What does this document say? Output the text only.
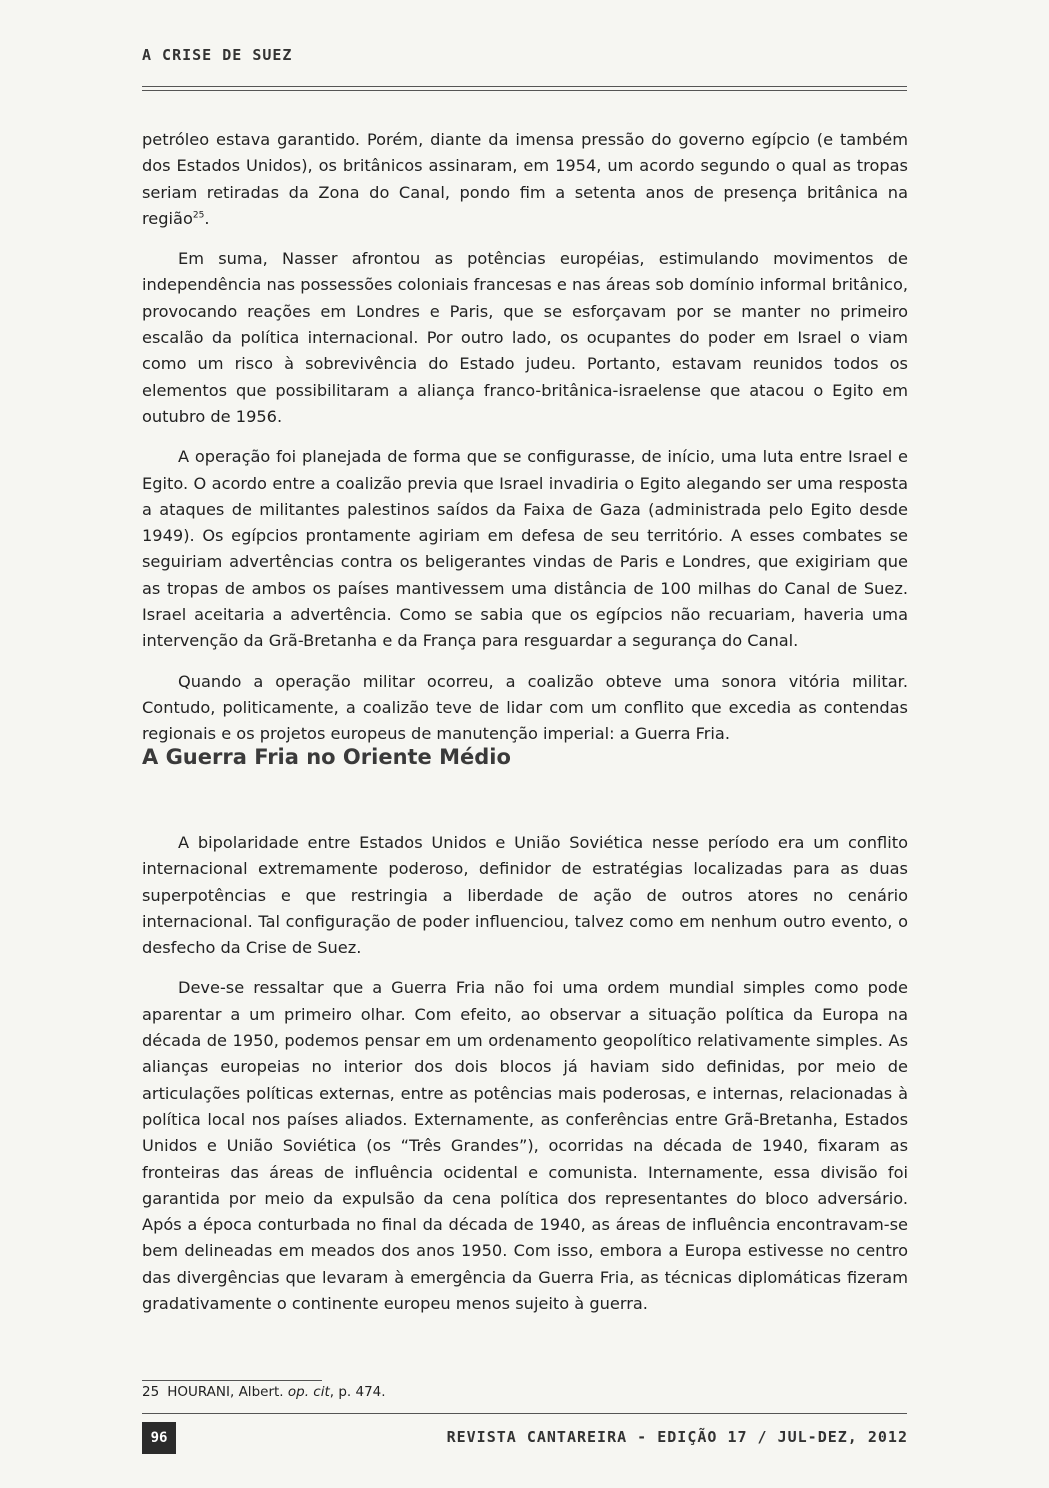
A CRISE DE SUEZ

petróleo estava garantido. Porém, diante da imensa pressão do governo egípcio (e também dos Estados Unidos), os britânicos assinaram, em 1954, um acordo segundo o qual as tropas seriam retiradas da Zona do Canal, pondo fim a setenta anos de presença britânica na região$^{25}$.

Em suma, Nasser afrontou as potências européias, estimulando movimentos de independência nas possessões coloniais francesas e nas áreas sob domínio informal britânico, provocando reações em Londres e Paris, que se esforçavam por se manter no primeiro escalão da política internacional. Por outro lado, os ocupantes do poder em Israel o viam como um risco à sobrevivência do Estado judeu. Portanto, estavam reunidos todos os elementos que possibilitaram a aliança franco-britânica-israelense que atacou o Egito em outubro de 1956.

A operação foi planejada de forma que se configurasse, de início, uma luta entre Israel e Egito. O acordo entre a coalizão previa que Israel invadiria o Egito alegando ser uma resposta a ataques de militantes palestinos saídos da Faixa de Gaza (administrada pelo Egito desde 1949). Os egípcios prontamente agiriam em defesa de seu território. A esses combates se seguiriam advertências contra os beligerantes vindas de Paris e Londres, que exigiriam que as tropas de ambos os países mantivessem uma distância de 100 milhas do Canal de Suez. Israel aceitaria a advertência. Como se sabia que os egípcios não recuariam, haveria uma intervenção da Grã-Bretanha e da França para resguardar a segurança do Canal.

Quando a operação militar ocorreu, a coalizão obteve uma sonora vitória militar. Contudo, politicamente, a coalizão teve de lidar com um conflito que excedia as contendas regionais e os projetos europeus de manutenção imperial: a Guerra Fria.

A Guerra Fria no Oriente Médio

A bipolaridade entre Estados Unidos e União Soviética nesse período era um conflito internacional extremamente poderoso, definidor de estratégias localizadas para as duas superpotências e que restringia a liberdade de ação de outros atores no cenário internacional. Tal configuração de poder influenciou, talvez como em nenhum outro evento, o desfecho da Crise de Suez.

Deve-se ressaltar que a Guerra Fria não foi uma ordem mundial simples como pode aparentar a um primeiro olhar. Com efeito, ao observar a situação política da Europa na década de 1950, podemos pensar em um ordenamento geopolítico relativamente simples. As alianças europeias no interior dos dois blocos já haviam sido definidas, por meio de articulações políticas externas, entre as potências mais poderosas, e internas, relacionadas à política local nos países aliados. Externamente, as conferências entre Grã-Bretanha, Estados Unidos e União Soviética (os “Três Grandes”), ocorridas na década de 1940, fixaram as fronteiras das áreas de influência ocidental e comunista. Internamente, essa divisão foi garantida por meio da expulsão da cena política dos representantes do bloco adversário. Após a época conturbada no final da década de 1940, as áreas de influência encontravam-se bem delineadas em meados dos anos 1950. Com isso, embora a Europa estivesse no centro das divergências que levaram à emergência da Guerra Fria, as técnicas diplomáticas fizeram gradativamente o continente europeu menos sujeito à guerra.

25 HOURANI, Albert. op. cit, p. 474.
96	REVISTA CANTAREIRA - EDIÇÃO 17 / JUL-DEZ, 2012
